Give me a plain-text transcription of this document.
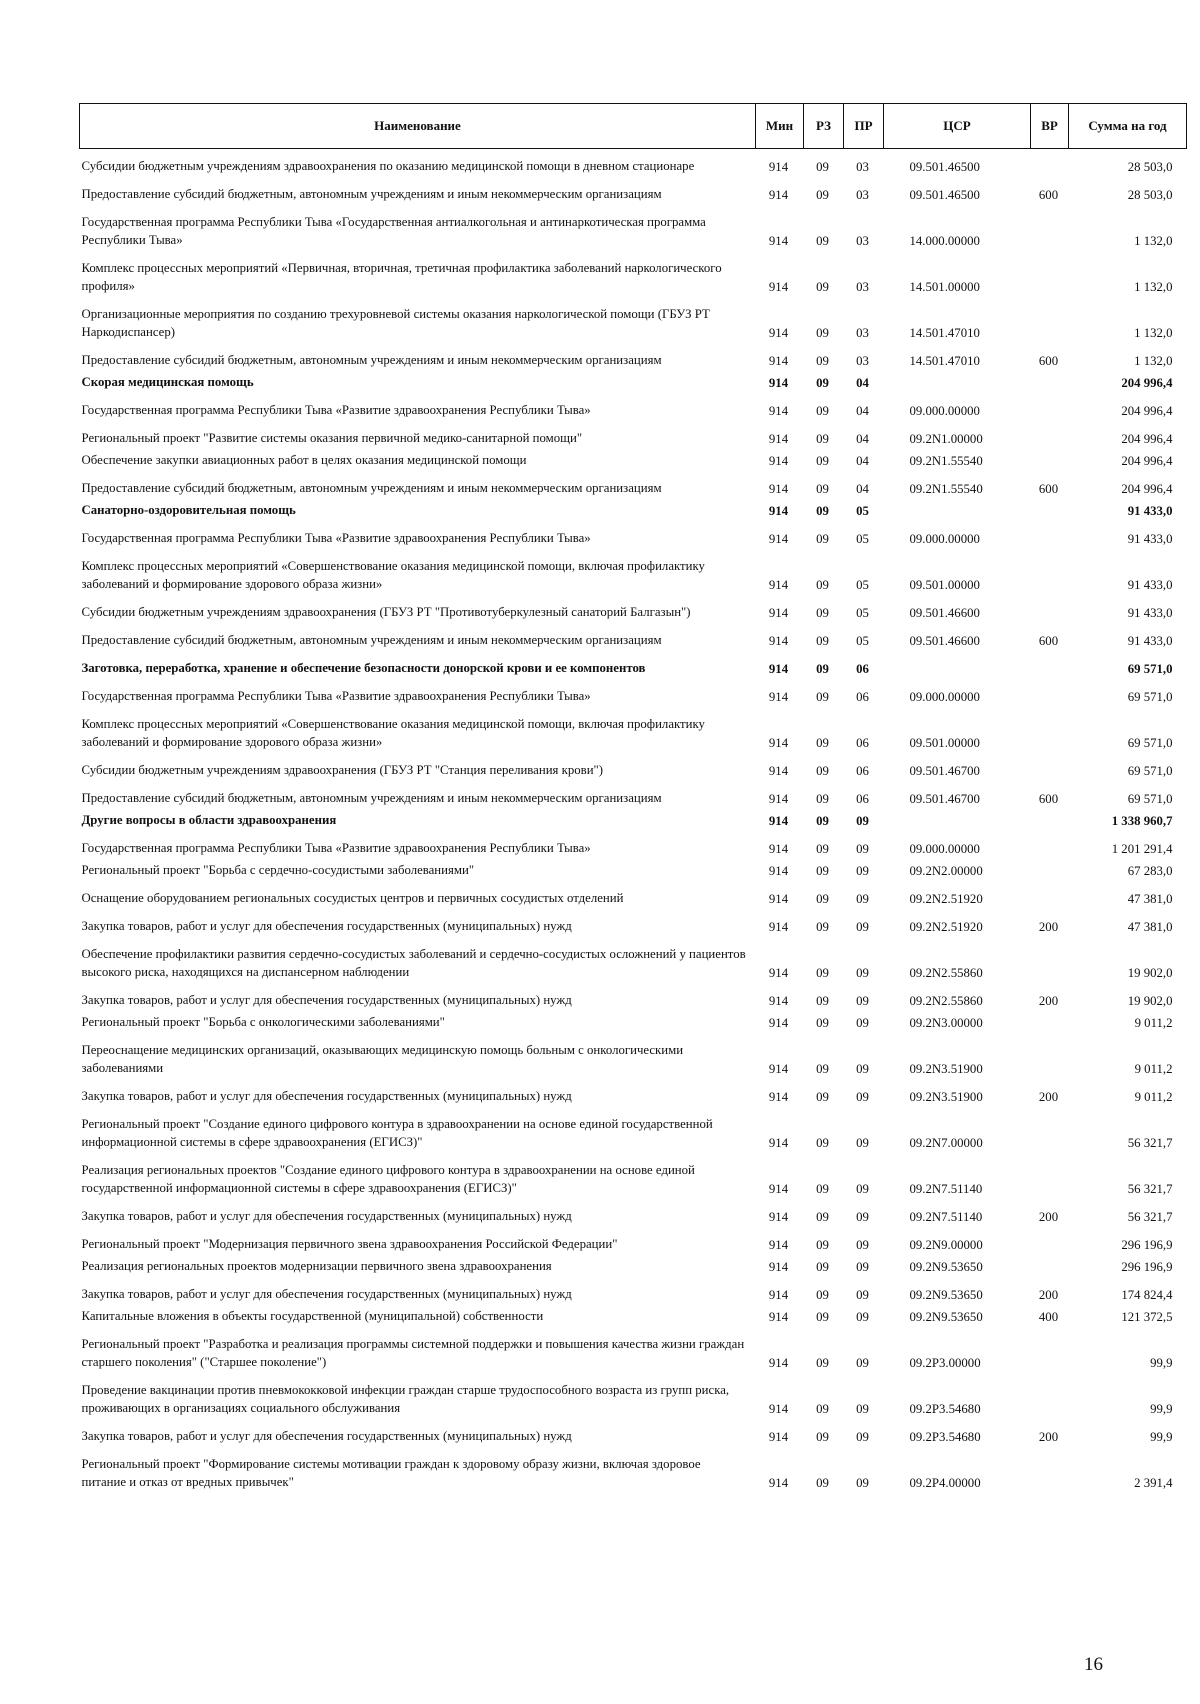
Наименование	Мин	РЗ	ПР	ЦСР	ВР	Сумма на год
Субсидии бюджетным учреждениям здравоохранения по оказанию медицинской помощи в дневном стационаре	914	09	03	09.501.46500		28 503,0
Предоставление субсидий бюджетным, автономным учреждениям и иным некоммерческим организациям	914	09	03	09.501.46500	600	28 503,0
Государственная программа Республики Тыва «Государственная антиалкогольная и антинаркотическая программа Республики Тыва»	914	09	03	14.000.00000		1 132,0
Комплекс процессных мероприятий «Первичная, вторичная, третичная профилактика заболеваний наркологического профиля»	914	09	03	14.501.00000		1 132,0
Организационные мероприятия по созданию трехуровневой системы оказания наркологической помощи (ГБУЗ РТ Наркодиспансер)	914	09	03	14.501.47010		1 132,0
Предоставление субсидий бюджетным, автономным учреждениям и иным некоммерческим организациям	914	09	03	14.501.47010	600	1 132,0
Скорая медицинская помощь	914	09	04			204 996,4
Государственная программа Республики Тыва «Развитие здравоохранения Республики Тыва»	914	09	04	09.000.00000		204 996,4
Региональный проект "Развитие системы оказания первичной медико-санитарной помощи"	914	09	04	09.2N1.00000		204 996,4
Обеспечение закупки авиационных работ в целях оказания медицинской помощи	914	09	04	09.2N1.55540		204 996,4
Предоставление субсидий бюджетным, автономным учреждениям и иным некоммерческим организациям	914	09	04	09.2N1.55540	600	204 996,4
Санаторно-оздоровительная помощь	914	09	05			91 433,0
Государственная программа Республики Тыва «Развитие здравоохранения Республики Тыва»	914	09	05	09.000.00000		91 433,0
Комплекс процессных мероприятий «Совершенствование оказания медицинской помощи, включая профилактику заболеваний и формирование здорового образа жизни»	914	09	05	09.501.00000		91 433,0
Субсидии бюджетным учреждениям здравоохранения (ГБУЗ РТ "Противотуберкулезный санаторий Балгазын")	914	09	05	09.501.46600		91 433,0
Предоставление субсидий бюджетным, автономным учреждениям и иным некоммерческим организациям	914	09	05	09.501.46600	600	91 433,0
Заготовка, переработка, хранение и обеспечение безопасности донорской крови и ее компонентов	914	09	06			69 571,0
Государственная программа Республики Тыва «Развитие здравоохранения Республики Тыва»	914	09	06	09.000.00000		69 571,0
Комплекс процессных мероприятий «Совершенствование оказания медицинской помощи, включая профилактику заболеваний и формирование здорового образа жизни»	914	09	06	09.501.00000		69 571,0
Субсидии бюджетным учреждениям здравоохранения (ГБУЗ РТ "Станция переливания крови")	914	09	06	09.501.46700		69 571,0
Предоставление субсидий бюджетным, автономным учреждениям и иным некоммерческим организациям	914	09	06	09.501.46700	600	69 571,0
Другие вопросы в области здравоохранения	914	09	09			1 338 960,7
Государственная программа Республики Тыва «Развитие здравоохранения Республики Тыва»	914	09	09	09.000.00000		1 201 291,4
Региональный проект "Борьба с сердечно-сосудистыми заболеваниями"	914	09	09	09.2N2.00000		67 283,0
Оснащение оборудованием региональных сосудистых центров и первичных сосудистых отделений	914	09	09	09.2N2.51920		47 381,0
Закупка товаров, работ и услуг для обеспечения государственных (муниципальных) нужд	914	09	09	09.2N2.51920	200	47 381,0
Обеспечение профилактики развития сердечно-сосудистых заболеваний и сердечно-сосудистых осложнений у пациентов высокого риска, находящихся на диспансерном наблюдении	914	09	09	09.2N2.55860		19 902,0
Закупка товаров, работ и услуг для обеспечения государственных (муниципальных) нужд	914	09	09	09.2N2.55860	200	19 902,0
Региональный проект "Борьба с онкологическими заболеваниями"	914	09	09	09.2N3.00000		9 011,2
Переоснащение медицинских организаций, оказывающих медицинскую помощь больным с онкологическими заболеваниями	914	09	09	09.2N3.51900		9 011,2
Закупка товаров, работ и услуг для обеспечения государственных (муниципальных) нужд	914	09	09	09.2N3.51900	200	9 011,2
Региональный проект "Создание единого цифрового контура в здравоохранении на основе единой государственной информационной системы в сфере здравоохранения (ЕГИСЗ)"	914	09	09	09.2N7.00000		56 321,7
Реализация региональных проектов "Создание единого цифрового контура в здравоохранении на основе единой государственной информационной системы в сфере здравоохранения (ЕГИСЗ)"	914	09	09	09.2N7.51140		56 321,7
Закупка товаров, работ и услуг для обеспечения государственных (муниципальных) нужд	914	09	09	09.2N7.51140	200	56 321,7
Региональный проект "Модернизация первичного звена здравоохранения Российской Федерации"	914	09	09	09.2N9.00000		296 196,9
Реализация региональных проектов модернизации первичного звена здравоохранения	914	09	09	09.2N9.53650		296 196,9
Закупка товаров, работ и услуг для обеспечения государственных (муниципальных) нужд	914	09	09	09.2N9.53650	200	174 824,4
Капитальные вложения в объекты государственной (муниципальной) собственности	914	09	09	09.2N9.53650	400	121 372,5
Региональный проект "Разработка и реализация программы системной поддержки и повышения качества жизни граждан старшего поколения" ("Старшее поколение")	914	09	09	09.2P3.00000		99,9
Проведение вакцинации против пневмококковой инфекции граждан старше трудоспособного возраста из групп риска, проживающих в организациях социального обслуживания	914	09	09	09.2P3.54680		99,9
Закупка товаров, работ и услуг для обеспечения государственных (муниципальных) нужд	914	09	09	09.2P3.54680	200	99,9
Региональный проект "Формирование системы мотивации граждан к здоровому образу жизни, включая здоровое питание и отказ от вредных привычек"	914	09	09	09.2P4.00000		2 391,4
16
